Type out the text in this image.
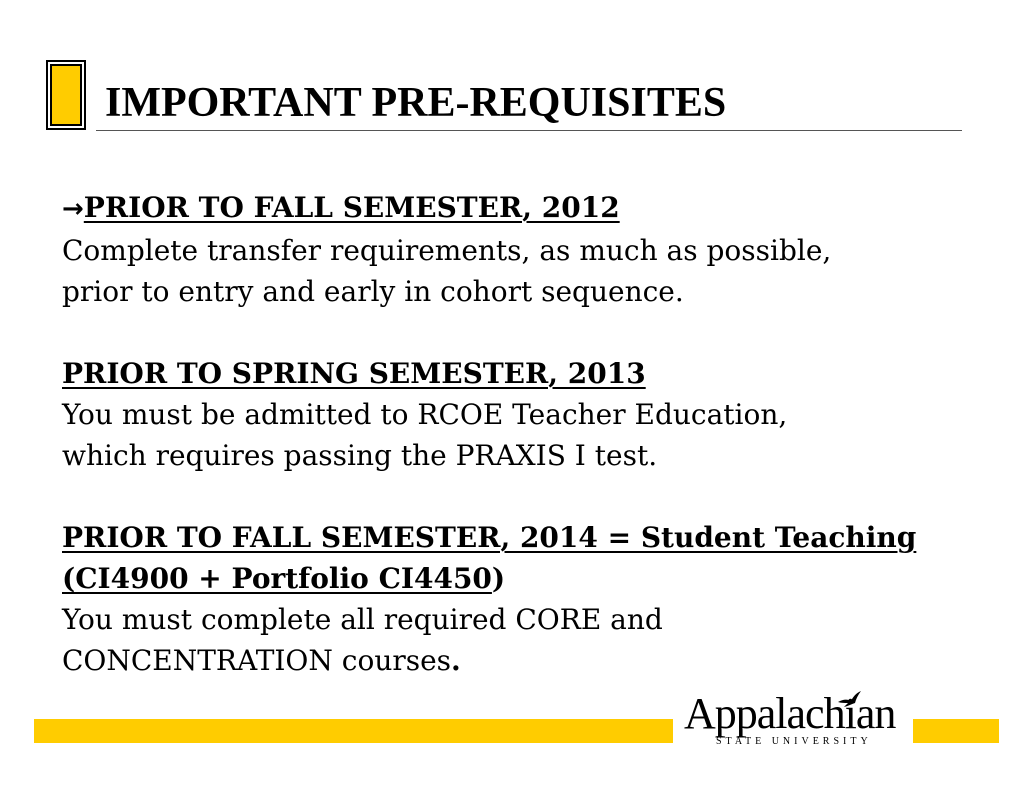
IMPORTANT PRE-REQUISITES

→PRIOR TO FALL SEMESTER, 2012

Complete transfer requirements, as much as possible,

prior to entry and early in cohort sequence.

PRIOR TO SPRING SEMESTER, 2013

You must be admitted to RCOE Teacher Education,

which requires passing the PRAXIS I test.

PRIOR TO FALL SEMESTER, 2014 = Student Teaching

(CI4900 + Portfolio CI4450)

You must complete all required CORE and

CONCENTRATION courses.

Appalachian
STATE UNIVERSITY
